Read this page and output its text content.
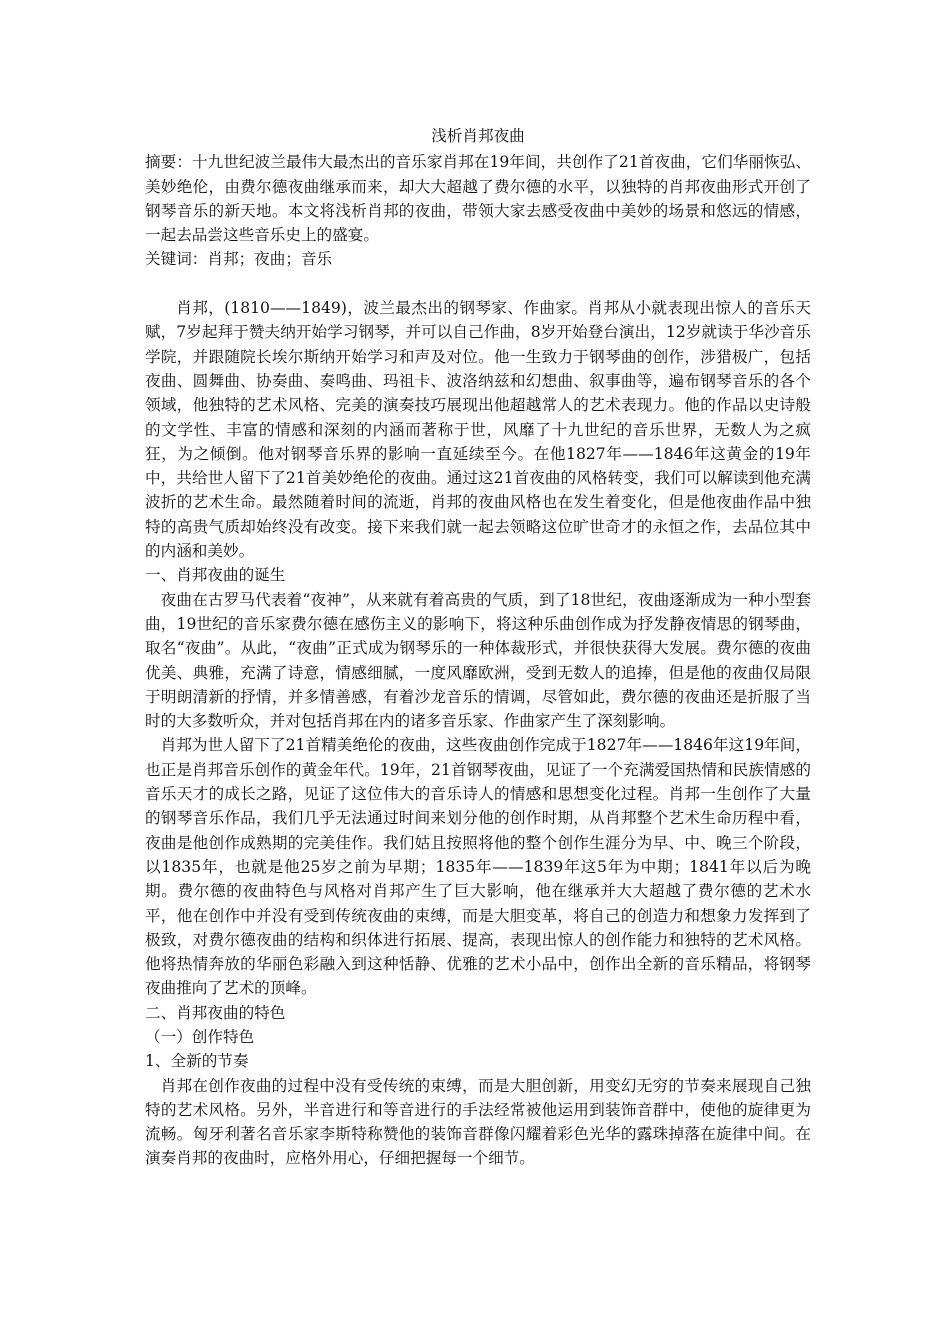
浅析肖邦夜曲

摘要：十九世纪波兰最伟大最杰出的音乐家肖邦在19年间，共创作了21首夜曲，它们华丽恢弘、美妙绝伦，由费尔德夜曲继承而来，却大大超越了费尔德的水平，以独特的肖邦夜曲形式开创了钢琴音乐的新天地。本文将浅析肖邦的夜曲，带领大家去感受夜曲中美妙的场景和悠远的情感，一起去品尝这些音乐史上的盛宴。

关键词：肖邦；夜曲；音乐

肖邦，(1810——1849)，波兰最杰出的钢琴家、作曲家。肖邦从小就表现出惊人的音乐天赋，7岁起拜于赞夫纳开始学习钢琴，并可以自己作曲，8岁开始登台演出，12岁就读于华沙音乐学院，并跟随院长埃尔斯纳开始学习和声及对位。他一生致力于钢琴曲的创作，涉猎极广，包括夜曲、圆舞曲、协奏曲、奏鸣曲、玛祖卡、波洛纳兹和幻想曲、叙事曲等，遍布钢琴音乐的各个领域，他独特的艺术风格、完美的演奏技巧展现出他超越常人的艺术表现力。他的作品以史诗般的文学性、丰富的情感和深刻的内涵而著称于世，风靡了十九世纪的音乐世界，无数人为之疯狂，为之倾倒。他对钢琴音乐界的影响一直延续至今。在他1827年——1846年这黄金的19年中，共给世人留下了21首美妙绝伦的夜曲。通过这21首夜曲的风格转变，我们可以解读到他充满波折的艺术生命。最然随着时间的流逝，肖邦的夜曲风格也在发生着变化，但是他夜曲作品中独特的高贵气质却始终没有改变。接下来我们就一起去领略这位旷世奇才的永恒之作，去品位其中的内涵和美妙。

一、肖邦夜曲的诞生

夜曲在古罗马代表着“夜神”，从来就有着高贵的气质，到了18世纪，夜曲逐渐成为一种小型套曲，19世纪的音乐家费尔德在感伤主义的影响下，将这种乐曲创作成为抒发静夜情思的钢琴曲，取名“夜曲”。从此，“夜曲”正式成为钢琴乐的一种体裁形式，并很快获得大发展。费尔德的夜曲优美、典雅，充满了诗意，情感细腻，一度风靡欧洲，受到无数人的追捧，但是他的夜曲仅局限于明朗清新的抒情，并多情善感，有着沙龙音乐的情调，尽管如此，费尔德的夜曲还是折服了当时的大多数听众，并对包括肖邦在内的诸多音乐家、作曲家产生了深刻影响。

肖邦为世人留下了21首精美绝伦的夜曲，这些夜曲创作完成于1827年——1846年这19年间，也正是肖邦音乐创作的黄金年代。19年，21首钢琴夜曲，见证了一个充满爱国热情和民族情感的音乐天才的成长之路，见证了这位伟大的音乐诗人的情感和思想变化过程。肖邦一生创作了大量的钢琴音乐作品，我们几乎无法通过时间来划分他的创作时期，从肖邦整个艺术生命历程中看，夜曲是他创作成熟期的完美佳作。我们姑且按照将他的整个创作生涯分为早、中、晚三个阶段，以1835年，也就是他25岁之前为早期；1835年——1839年这5年为中期；1841年以后为晚期。费尔德的夜曲特色与风格对肖邦产生了巨大影响，他在继承并大大超越了费尔德的艺术水平，他在创作中并没有受到传统夜曲的束缚，而是大胆变革，将自己的创造力和想象力发挥到了极致，对费尔德夜曲的结构和织体进行拓展、提高，表现出惊人的创作能力和独特的艺术风格。他将热情奔放的华丽色彩融入到这种恬静、优雅的艺术小品中，创作出全新的音乐精品，将钢琴夜曲推向了艺术的顶峰。

二、肖邦夜曲的特色

（一）创作特色

1、全新的节奏

肖邦在创作夜曲的过程中没有受传统的束缚，而是大胆创新，用变幻无穷的节奏来展现自己独特的艺术风格。另外，半音进行和等音进行的手法经常被他运用到装饰音群中，使他的旋律更为流畅。匈牙利著名音乐家李斯特称赞他的装饰音群像闪耀着彩色光华的露珠掉落在旋律中间。在演奏肖邦的夜曲时，应格外用心，仔细把握每一个细节。
